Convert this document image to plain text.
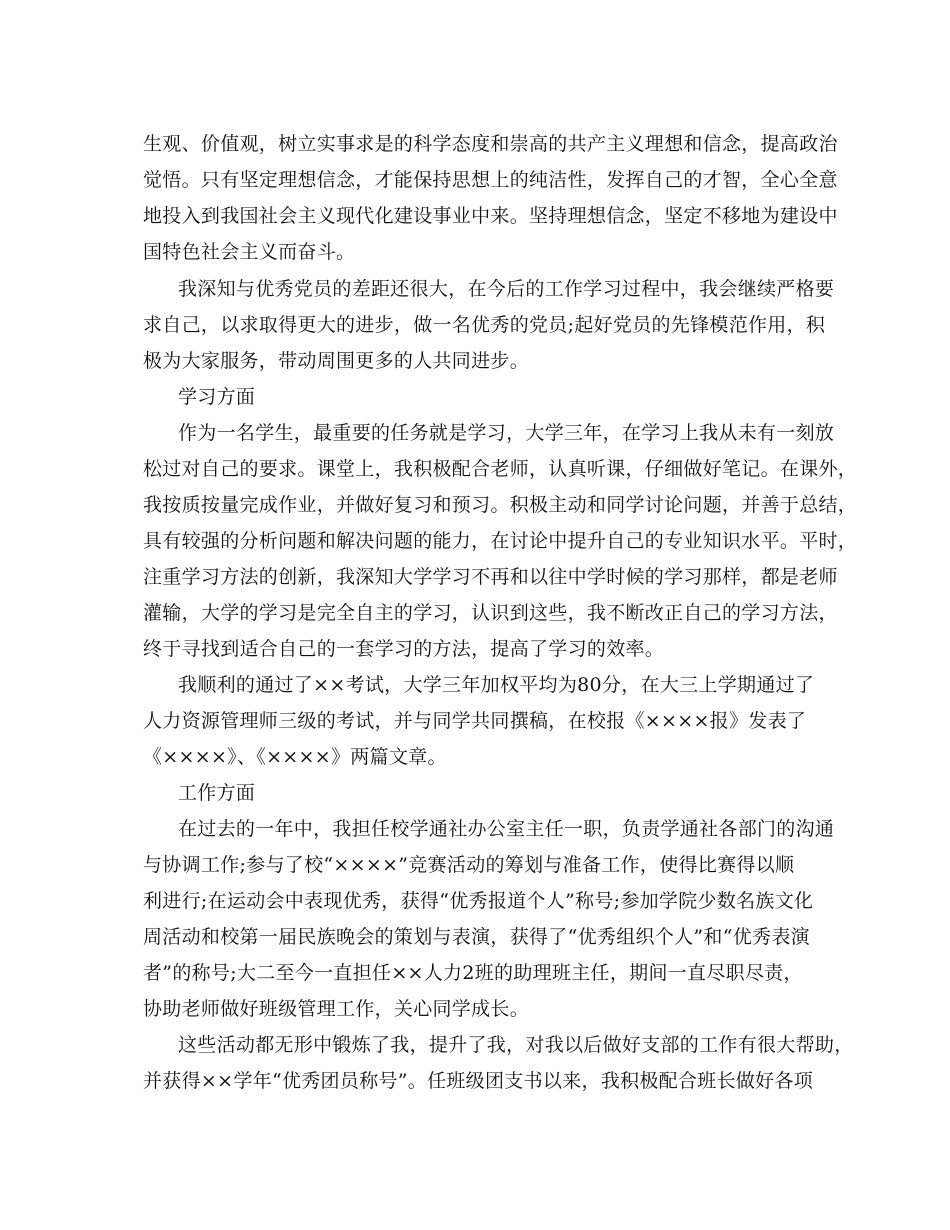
生观、价值观，树立实事求是的科学态度和崇高的共产主义理想和信念，提高政治
觉悟。只有坚定理想信念，才能保持思想上的纯洁性，发挥自己的才智，全心全意
地投入到我国社会主义现代化建设事业中来。坚持理想信念，坚定不移地为建设中
国特色社会主义而奋斗。
我深知与优秀党员的差距还很大，在今后的工作学习过程中，我会继续严格要
求自己，以求取得更大的进步，做一名优秀的党员;起好党员的先锋模范作用，积
极为大家服务，带动周围更多的人共同进步。
学习方面
作为一名学生，最重要的任务就是学习，大学三年，在学习上我从未有一刻放
松过对自己的要求。课堂上，我积极配合老师，认真听课，仔细做好笔记。在课外，
我按质按量完成作业，并做好复习和预习。积极主动和同学讨论问题，并善于总结，
具有较强的分析问题和解决问题的能力，在讨论中提升自己的专业知识水平。平时，
注重学习方法的创新，我深知大学学习不再和以往中学时候的学习那样，都是老师
灌输，大学的学习是完全自主的学习，认识到这些，我不断改正自己的学习方法，
终于寻找到适合自己的一套学习的方法，提高了学习的效率。
我顺利的通过了××考试，大学三年加权平均为80分，在大三上学期通过了
人力资源管理师三级的考试，并与同学共同撰稿，在校报《××××报》发表了
《××××》、《××××》两篇文章。
工作方面
在过去的一年中，我担任校学通社办公室主任一职，负责学通社各部门的沟通
与协调工作;参与了校“××××”竞赛活动的筹划与准备工作，使得比赛得以顺
利进行;在运动会中表现优秀，获得“优秀报道个人”称号;参加学院少数名族文化
周活动和校第一届民族晚会的策划与表演，获得了“优秀组织个人”和“优秀表演
者”的称号;大二至今一直担任××人力2班的助理班主任，期间一直尽职尽责，
协助老师做好班级管理工作，关心同学成长。
这些活动都无形中锻炼了我，提升了我，对我以后做好支部的工作有很大帮助，
并获得××学年“优秀团员称号”。任班级团支书以来，我积极配合班长做好各项
